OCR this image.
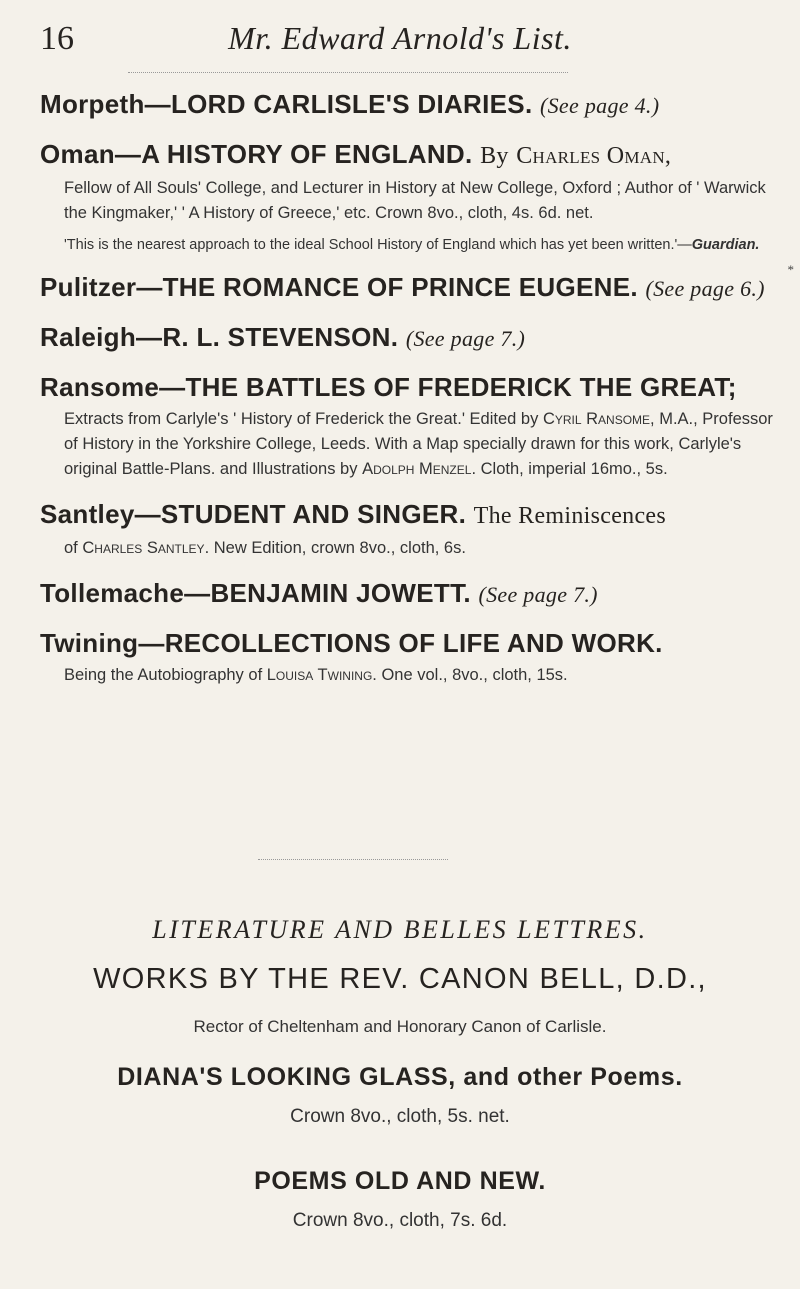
16	Mr. Edward Arnold's List.
Morpeth—LORD CARLISLE'S DIARIES. (See page 4.)
Oman—A HISTORY OF ENGLAND. By Charles Oman,
Fellow of All Souls' College, and Lecturer in History at New College, Oxford ; Author of ' Warwick the Kingmaker,' ' A History of Greece,' etc. Crown 8vo., cloth, 4s. 6d. net.
'This is the nearest approach to the ideal School History of England which has yet been written.'—Guardian.
Pulitzer—THE ROMANCE OF PRINCE EUGENE. (See page 6.)
Raleigh—R. L. STEVENSON. (See page 7.)
Ransome—THE BATTLES OF FREDERICK THE GREAT;
Extracts from Carlyle's ' History of Frederick the Great.' Edited by Cyril Ransome, M.A., Professor of History in the Yorkshire College, Leeds. With a Map specially drawn for this work, Carlyle's original Battle-Plans. and Illustrations by Adolph Menzel. Cloth, imperial 16mo., 5s.
Santley—STUDENT AND SINGER. The Reminiscences
of Charles Santley. New Edition, crown 8vo., cloth, 6s.
Tollemache—BENJAMIN JOWETT. (See page 7.)
Twining—RECOLLECTIONS OF LIFE AND WORK.
Being the Autobiography of Louisa Twining. One vol., 8vo., cloth, 15s.
*
LITERATURE AND BELLES LETTRES.
WORKS BY THE REV. CANON BELL, D.D.,
Rector of Cheltenham and Honorary Canon of Carlisle.
DIANA'S LOOKING GLASS, and other Poems.
Crown 8vo., cloth, 5s. net.
POEMS OLD AND NEW.
Crown 8vo., cloth, 7s. 6d.
